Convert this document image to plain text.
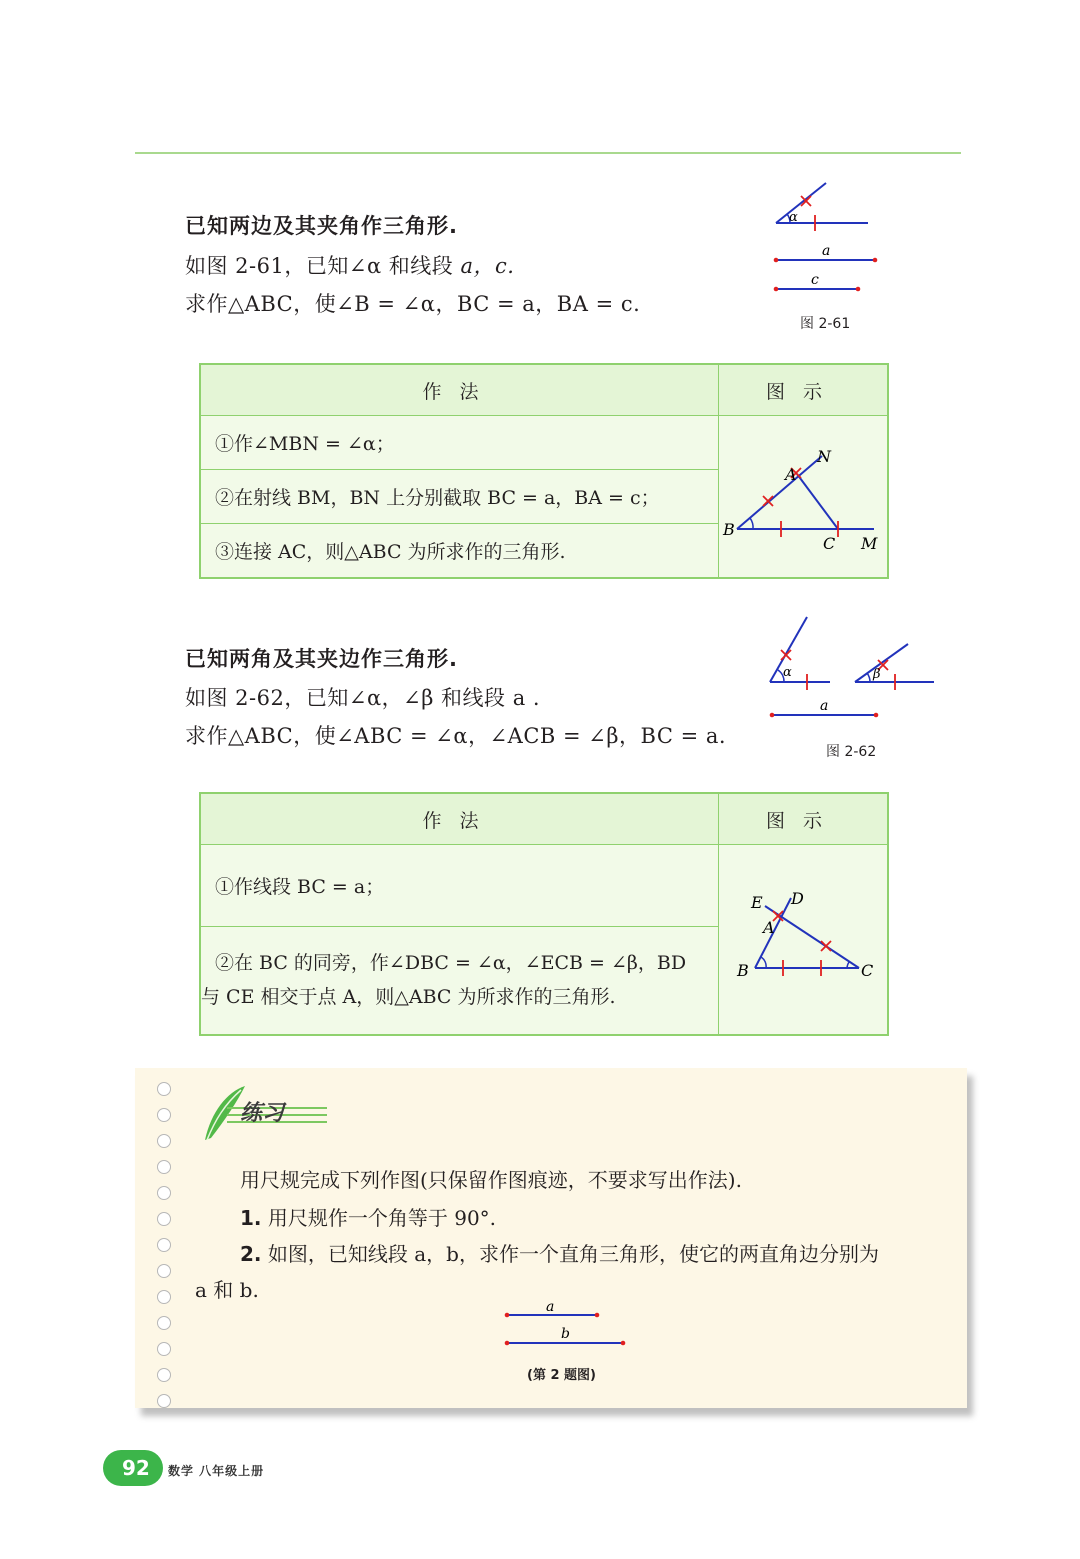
已知两边及其夹角作三角形.
如图 2-61，已知∠α 和线段 a，c.
求作△ABC，使∠B = ∠α，BC = a，BA = c.
α
a
c
图 2-61
作法	图示
①作∠MBN = ∠α；	A
B
C M
N

②在射线 BM，BN 上分别截取 BC = a，BA = c；	
③连接 AC，则△ABC 为所求作的三角形.	
已知两角及其夹边作三角形.
如图 2-62，已知∠α，∠β 和线段 a .
求作△ABC，使∠ABC = ∠α，∠ACB = ∠β，BC = a.
α	β
a
图 2-62
作法	图示
①作线段 BC = a；	A
B C
D
E

②在 BC 的同旁，作∠DBC = ∠α，∠ECB = ∠β，BD
与 CE 相交于点 A，则△ABC 为所求作的三角形.	
练习
用尺规完成下列作图(只保留作图痕迹，不要求写出作法).
1. 用尺规作一个角等于 90°.
2. 如图，已知线段 a，b，求作一个直角三角形，使它的两直角边分别为
a 和 b.
a
b
(第 2 题图)
92 数学 八年级上册
